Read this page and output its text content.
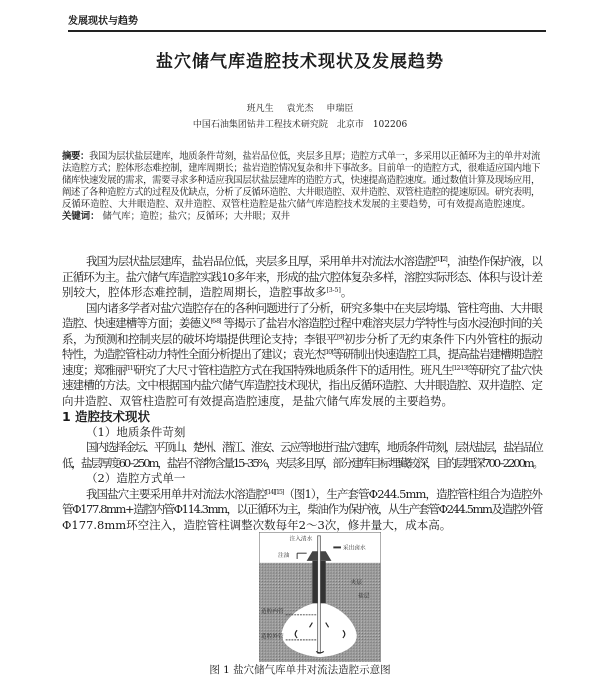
发展现状与趋势
盐穴储气库造腔技术现状及发展趋势
班凡生 袁光杰 申瑞臣
中国石油集团钻井工程技术研究院　北京市　102206
摘要：我国为层状盐层建库，地质条件苛刻，盐岩品位低，夹层多且厚；造腔方式单一，多采用以正循环为主的单井对流
法造腔方式；腔体形态难控制，建库周期长；盐岩造腔情况复杂和井下事故多。目前单一的造腔方式，很难适应国内地下
储库快速发展的需求，需要寻求多种适应我国层状盐层建库的造腔方式，快速提高造腔速度。通过数值计算及现场应用，
阐述了各种造腔方式的过程及优缺点，分析了反循环造腔、大井眼造腔、双井造腔、双管柱造腔的提速原因。研究表明，
反循环造腔、大井眼造腔、双井造腔、双管柱造腔是盐穴储气库造腔技术发展的主要趋势，可有效提高造腔速度。
关键词： 储气库；造腔；盐穴；反循环；大井眼；双井
我国为层状盐层建库，盐岩品位低，夹层多且厚，采用单井对流法水溶造腔[1][2]，油垫作保护液，以
正循环为主。盐穴储气库造腔实践10多年来，形成的盐穴腔体复杂多样，溶腔实际形态、体积与设计差
别较大，腔体形态难控制，造腔周期长，造腔事故多[3-5]。
国内诸多学者对盐穴造腔存在的各种问题进行了分析，研究多集中在夹层垮塌、管柱弯曲、大井眼
造腔、快速建槽等方面；姜德义[6-8] 等揭示了盐岩水溶造腔过程中难溶夹层力学特性与卤水浸泡时间的关
系，为预测和控制夹层的破坏垮塌提供理论支持；李银平[9]初步分析了无约束条件下内外管柱的振动
特性，为造腔管柱动力特性全面分析提出了建议；袁光杰[10]等研制出快速造腔工具，提高盐岩建槽期造腔
速度；郑雅丽[11]研究了大尺寸管柱造腔方式在我国特殊地质条件下的适用性。班凡生[12-13]等研究了盐穴快
速建槽的方法。文中根据国内盐穴储气库造腔技术现状，指出反循环造腔、大井眼造腔、双井造腔、定
向井造腔、双管柱造腔可有效提高造腔速度，是盐穴储气库发展的主要趋势。
1 造腔技术现状
（1）地质条件苛刻
国内选择金坛、平顶山、楚州、潜江、淮安、云应等地进行盐穴建库，地质条件苛刻，层状盐层，盐岩品位
低，盐层厚度60–250m，盐岩不溶物含量15–35%，夹层多且厚，部分建库目标埋藏较深，目的层埋深700–2200m。
（2）造腔方式单一
我国盐穴主要采用单井对流法水溶造腔[14][15]（图1），生产套管Φ244.5mm，造腔管柱组合为造腔外
管Φ177.8mm+造腔内管Φ114.3mm，以正循环为主，柴油作为保护液，从生产套管Φ244.5mm及造腔外管
Φ177.8mm环空注入，造腔管柱调整次数每年2～3次，修井量大，成本高。
注入清水
采出卤水
注油
夹层
盐层
造腔内管
造腔外管
图 1 盐穴储气库单井对流法造腔示意图
